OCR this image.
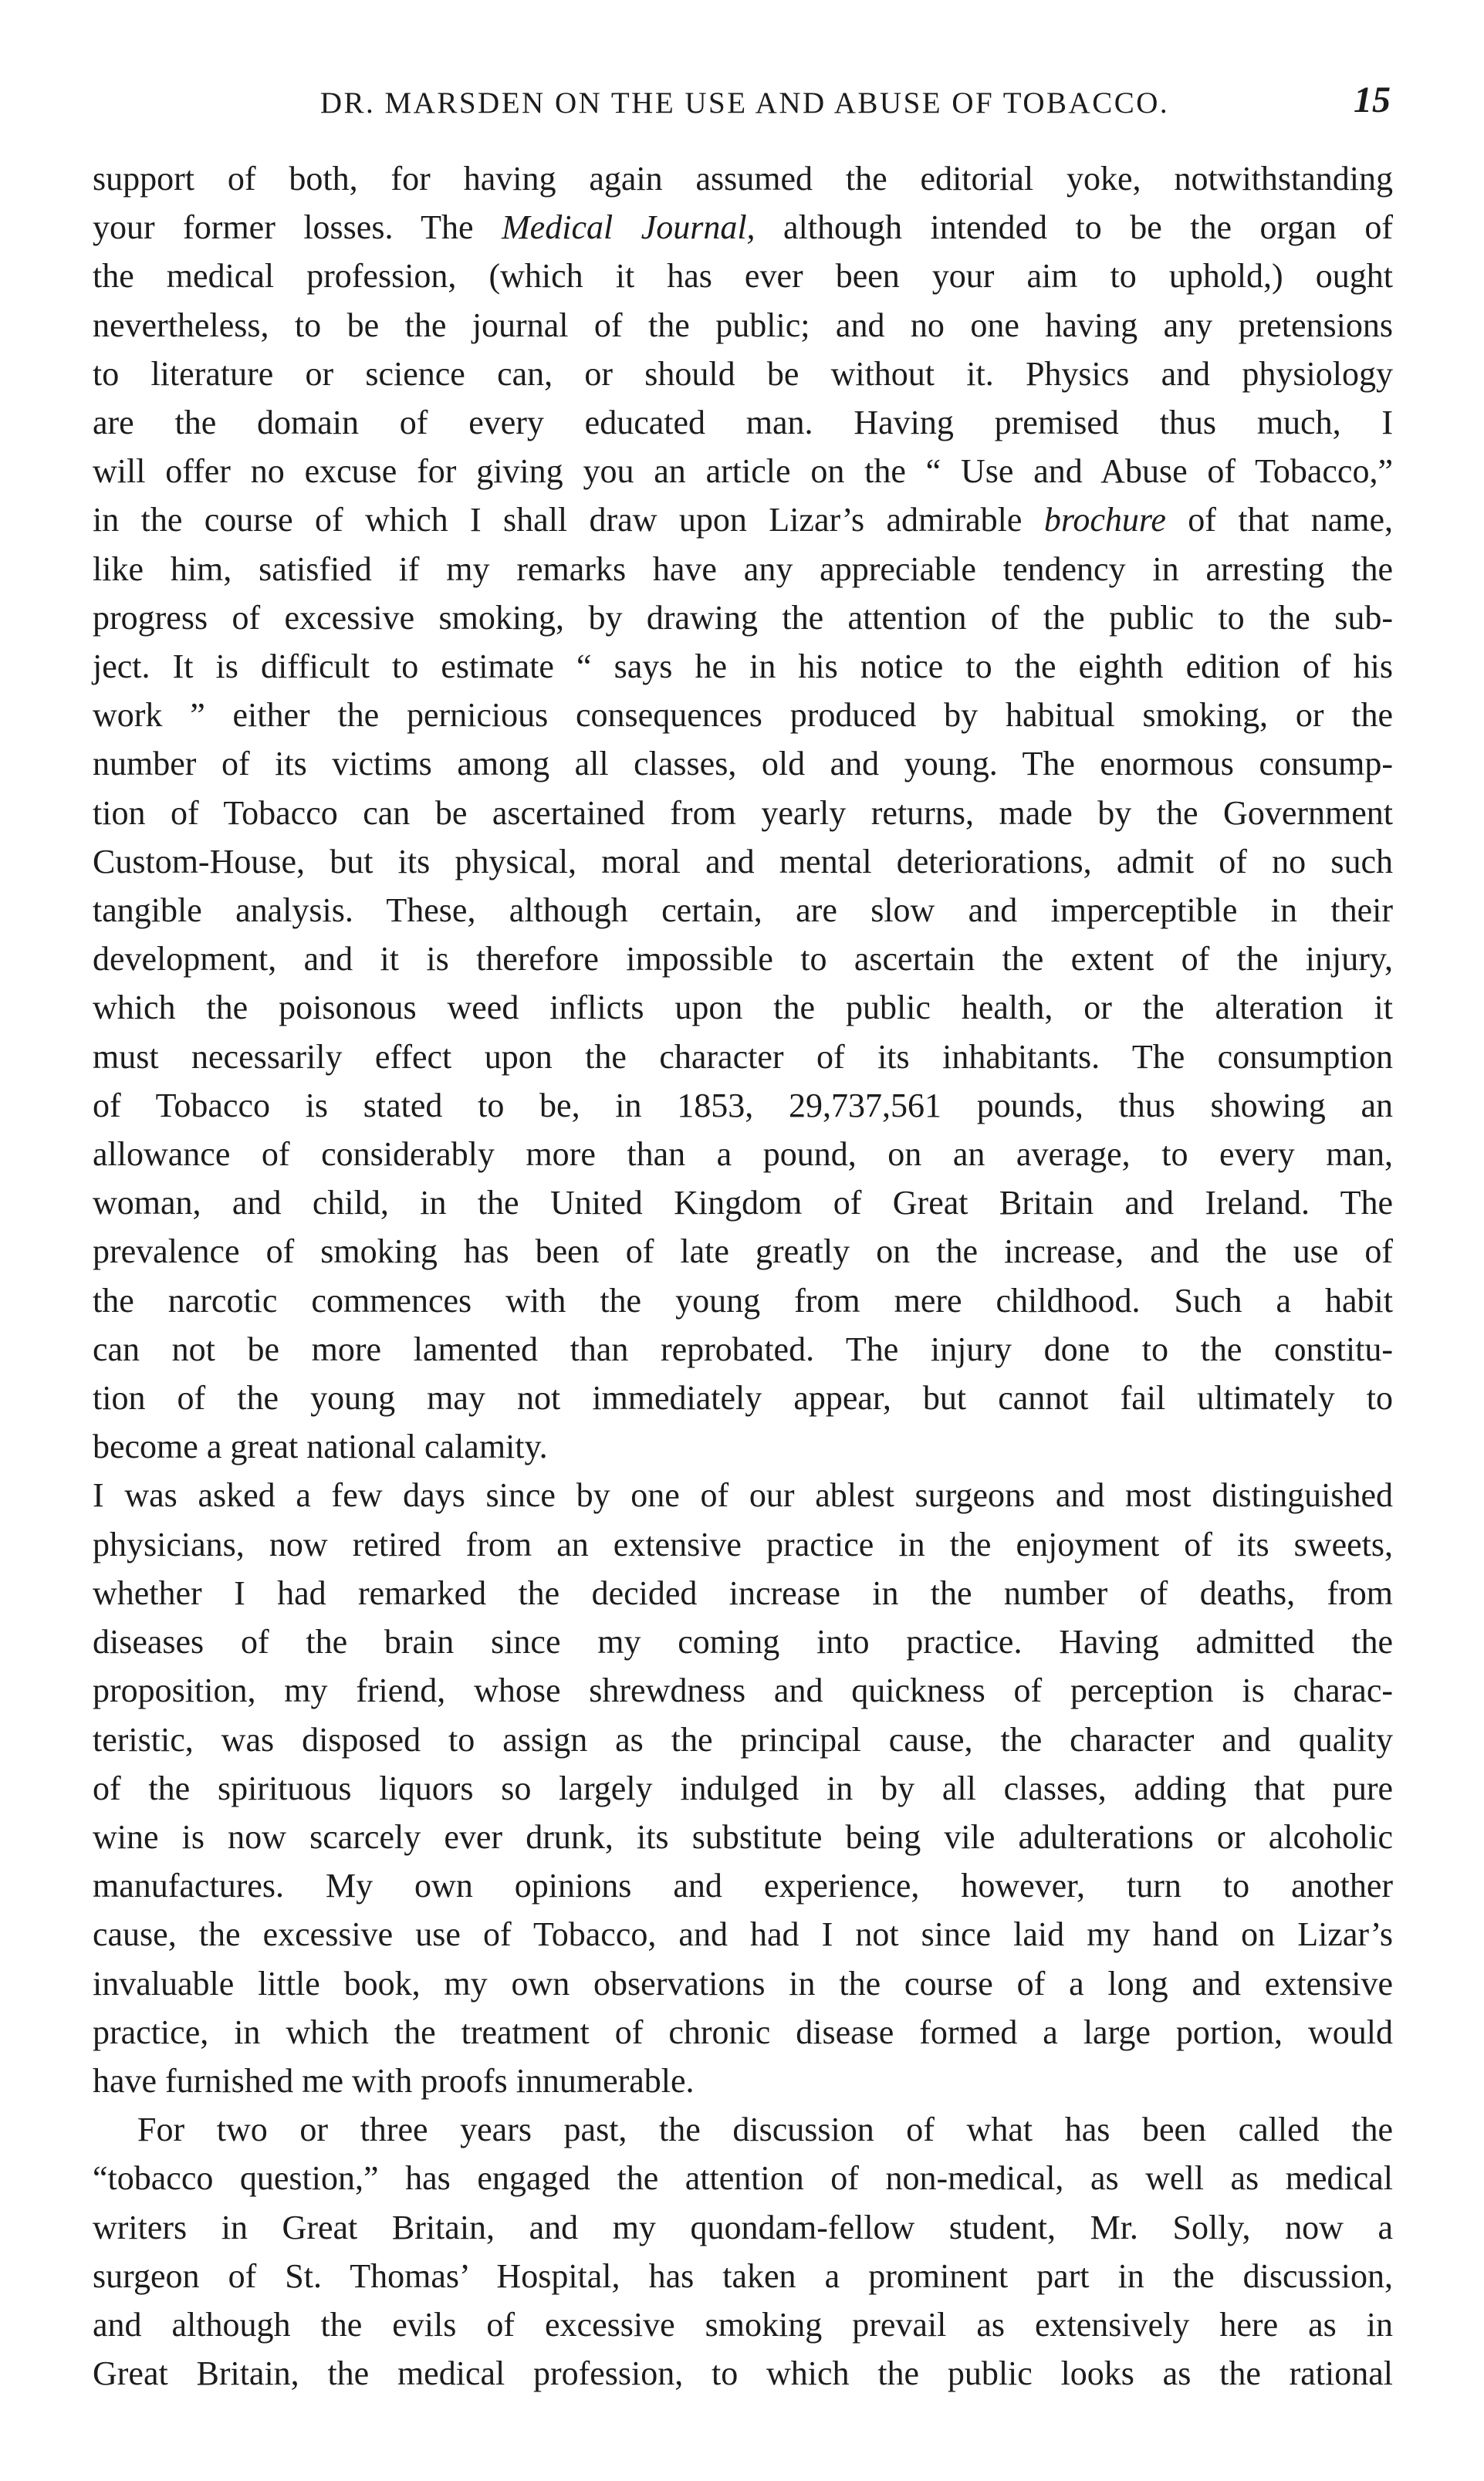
DR. MARSDEN ON THE USE AND ABUSE OF TOBACCO.	15
support of both, for having again assumed the editorial yoke, notwithstanding
your former losses. The Medical Journal, although intended to be the organ of
the medical profession, (which it has ever been your aim to uphold,) ought
nevertheless, to be the journal of the public; and no one having any pretensions
to literature or science can, or should be without it. Physics and physiology
are the domain of every educated man. Having premised thus much, I
will offer no excuse for giving you an article on the “ Use and Abuse of Tobacco,”
in the course of which I shall draw upon Lizar’s admirable brochure of that name,
like him, satisfied if my remarks have any appreciable tendency in arresting the
progress of excessive smoking, by drawing the attention of the public to the sub-
ject. It is difficult to estimate “ says he in his notice to the eighth edition of his
work ” either the pernicious consequences produced by habitual smoking, or the
number of its victims among all classes, old and young. The enormous consump-
tion of Tobacco can be ascertained from yearly returns, made by the Government
Custom-House, but its physical, moral and mental deteriorations, admit of no such
tangible analysis. These, although certain, are slow and imperceptible in their
development, and it is therefore impossible to ascertain the extent of the injury,
which the poisonous weed inflicts upon the public health, or the alteration it
must necessarily effect upon the character of its inhabitants. The consumption
of Tobacco is stated to be, in 1853, 29,737,561 pounds, thus showing an
allowance of considerably more than a pound, on an average, to every man,
woman, and child, in the United Kingdom of Great Britain and Ireland. The
prevalence of smoking has been of late greatly on the increase, and the use of
the narcotic commences with the young from mere childhood. Such a habit
can not be more lamented than reprobated. The injury done to the constitu-
tion of the young may not immediately appear, but cannot fail ultimately to
become a great national calamity.
I was asked a few days since by one of our ablest surgeons and most distinguished
physicians, now retired from an extensive practice in the enjoyment of its sweets,
whether I had remarked the decided increase in the number of deaths, from
diseases of the brain since my coming into practice. Having admitted the
proposition, my friend, whose shrewdness and quickness of perception is charac-
teristic, was disposed to assign as the principal cause, the character and quality
of the spirituous liquors so largely indulged in by all classes, adding that pure
wine is now scarcely ever drunk, its substitute being vile adulterations or alcoholic
manufactures. My own opinions and experience, however, turn to another
cause, the excessive use of Tobacco, and had I not since laid my hand on Lizar’s
invaluable little book, my own observations in the course of a long and extensive
practice, in which the treatment of chronic disease formed a large portion, would
have furnished me with proofs innumerable.
For two or three years past, the discussion of what has been called the
“tobacco question,” has engaged the attention of non-medical, as well as medical
writers in Great Britain, and my quondam-fellow student, Mr. Solly, now a
surgeon of St. Thomas’ Hospital, has taken a prominent part in the discussion,
and although the evils of excessive smoking prevail as extensively here as in
Great Britain, the medical profession, to which the public looks as the rational
